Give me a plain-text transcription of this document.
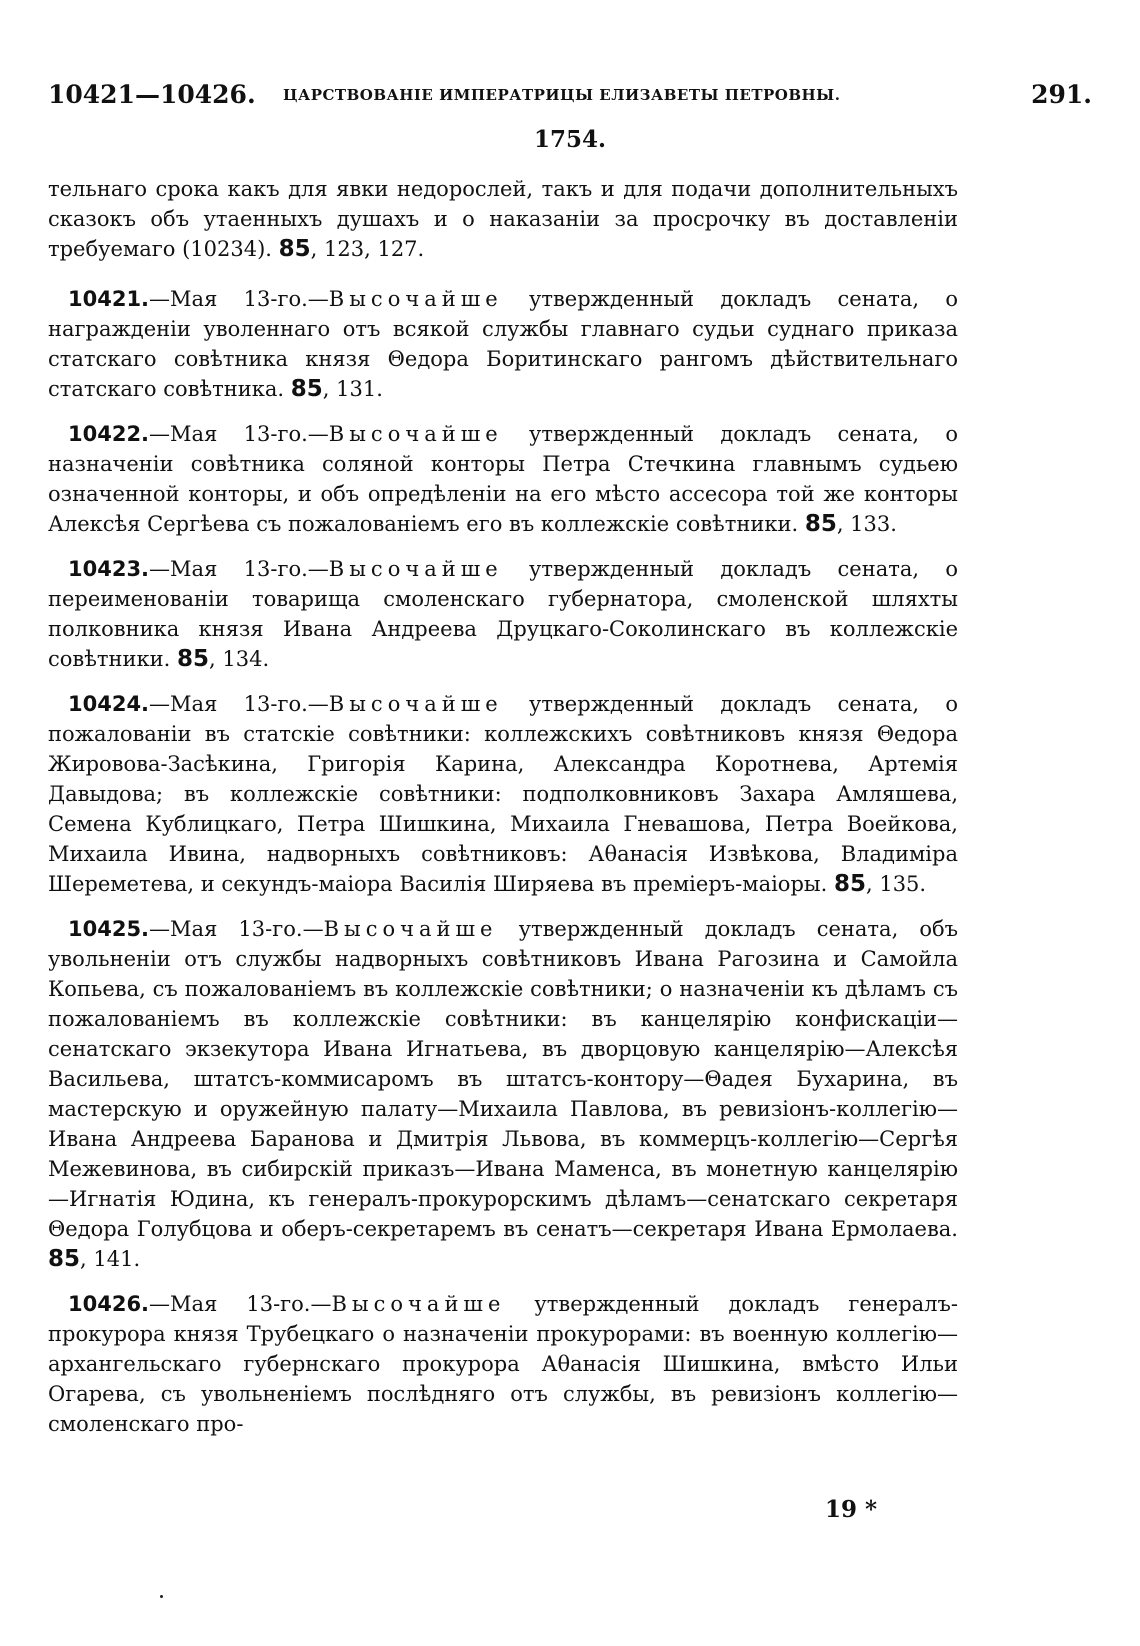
10421—10426. ЦАРСТВОВАНIЕ ИМПЕРАТРИЦЫ ЕЛИЗАВЕТЫ ПЕТРОВНЫ.	291.
1754.

тельнаго срока какъ для явки недорослей, такъ и для подачи дополнительныхъ сказокъ объ утаенныхъ душахъ и о наказанiи за просрочку въ доставленiи требуемаго (10234). 85, 123, 127.

10421.—Мая 13-го.—Высочайше утвержденный докладъ сената, о награжденiи уволеннаго отъ всякой службы главнаго судьи суднаго приказа статскаго совѣтника князя Θедора Боритинскаго рангомъ дѣйствительнаго статскаго совѣтника. 85, 131.

10422.—Мая 13-го.—Высочайше утвержденный докладъ сената, о назначенiи совѣтника соляной конторы Петра Стечкина главнымъ судьею означенной конторы, и объ опредѣленiи на его мѣсто ассесора той же конторы Алексѣя Сергѣева съ пожалованiемъ его въ коллежскiе совѣтники. 85, 133.

10423.—Мая 13-го.—Высочайше утвержденный докладъ сената, о переименованiи товарища смоленскаго губернатора, смоленской шляхты полковника князя Ивана Андреева Друцкаго-Соколинскаго въ коллежскiе совѣтники. 85, 134.

10424.—Мая 13-го.—Высочайше утвержденный докладъ сената, о пожалованiи въ статскiе совѣтники: коллежскихъ совѣтниковъ князя Θедора Жировова-Засѣкина, Григорiя Карина, Александра Коротнева, Артемiя Давыдова; въ коллежскiе совѣтники: подполковниковъ Захара Амляшева, Семена Кублицкаго, Петра Шишкина, Михаила Гневашова, Петра Воейкова, Михаила Ивина, надворныхъ совѣтниковъ: Аθанасiя Извѣкова, Владимiра Шереметева, и секундъ-маiора Василiя Ширяева въ премiеръ-маiоры. 85, 135.

10425.—Мая 13-го.—Высочайше утвержденный докладъ сената, объ увольненiи отъ службы надворныхъ совѣтниковъ Ивана Рагозина и Самойла Копьева, съ пожалованiемъ въ коллежскiе совѣтники; о назначенiи къ дѣламъ съ пожалованiемъ въ коллежскiе совѣтники: въ канцелярiю конфискацiи—сенатскаго экзекутора Ивана Игнатьева, въ дворцовую канцелярiю—Алексѣя Васильева, штатсъ-коммисаромъ въ штатсъ-контору—Θадея Бухарина, въ мастерскую и оружейную палату—Михаила Павлова, въ ревизiонъ-коллегiю—Ивана Андреева Баранова и Дмитрiя Львова, въ коммерцъ-коллегiю—Сергѣя Межевинова, въ сибирскiй приказъ—Ивана Маменса, въ монетную канцелярiю—Игнатiя Юдина, къ генералъ-прокурорскимъ дѣламъ—сенатскаго секретаря Θедора Голубцова и оберъ-секретаремъ въ сенатъ—секретаря Ивана Ермолаева. 85, 141.

10426.—Мая 13-го.—Высочайше утвержденный докладъ генералъ-прокурора князя Трубецкаго о назначенiи прокурорами: въ военную коллегiю—архангельскаго губернскаго прокурора Аθанасiя Шишкина, вмѣсто Ильи Огарева, съ увольненiемъ послѣдняго отъ службы, въ ревизiонъ коллегiю—смоленскаго про-

19 *
